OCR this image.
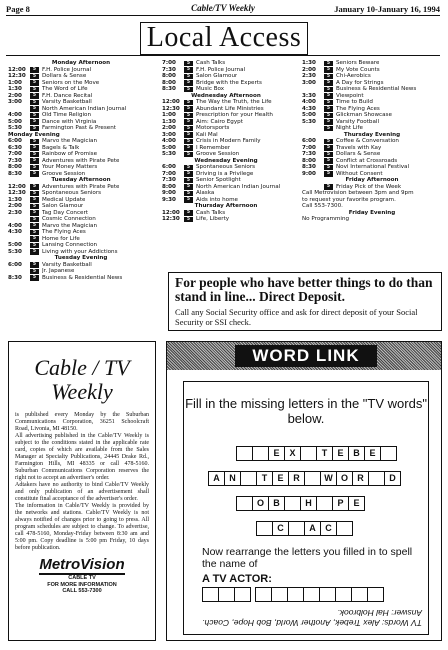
Page 8	Cable/TV Weekly	January 10-January 16, 1994
Local Access
Monday Afternoon
12:00	5	F.H. Police Journal
12:30	5	Dollars & Sense
1:00	5	Seniors on the Move
1:30	5	The Word of Life
2:00	5	F.H. Dance Recital
3:00	5	Varsity Basketball
5	North American Indian Journal
4:00	5	Old Time Religion
5:00	5	Dance with Virginia
5:30	5	Farmington Past & Present
Monday Evening
6:00	5	Marvo the Magician
6:30	5	Bagels & Talk
7:00	5	Rainbow of Promise
7:30	5	Adventures with Pirate Pete
8:00	5	Your Money Matters
8:30	5	Groove Session
Tuesday Afternoon
12:00	5	Adventures with Pirate Pete
12:30	5	Spontaneous Seniors
1:30	5	Medical Update
2:00	5	Salon Glamour
2:30	5	Tag Day Concert
5	Cosmic Connection
4:00	5	Marvo the Magician
4:30	5	The Flying Aces
5	Home for Life
5:00	5	Lansing Connection
5:30	5	Living with your Addictions
Tuesday Evening
6:00	5	Varsity Basketball
5	Jr. Japanese
8:30	5	Business & Residential News
7:00	5	Cash Talks
7:30	5	F.H. Police Journal
8:00	5	Salon Glamour
8:00	5	Bridge with the Experts
8:30	5	Music Box
Wednesday Afternoon
12:00	5	The Way the Truth, the Life
12:30	5	Abundant Life Ministries
1:00	5	Prescription for your Health
1:30	5	Aim: Cairo Egypt
2:00	5	Motorsports
3:00	5	Kali Mal
4:00	5	Crisis in Modern Family
5:00	5	I Remember
5:30	5	Groove Session
Wednesday Evening
6:00	5	Spontaneous Seniors
7:00	5	Driving is a Privilege
7:30	5	Senior Spotlight
8:00	5	North American Indian Journal
9:00	5	Alaska
9:30	5	Aids into home
Thursday Afternoon
12:00	5	Cash Talks
12:30	5	Life, Liberty
1:30	5	Seniors Beware
2:00	5	My Vote Counts
2:30	5	Chi-Aerobics
3:00	5	A Day for Strings
5	Business & Residential News
3:30	5	Viewpoint
4:00	5	Time to Build
4:30	5	The Flying Aces
5:00	5	Glickman Showcase
5:30	5	Varsity Football
5	Night Life
Thursday Evening
6:00	5	Coffee & Conversation
7:00	5	Travels with Kay
7:30	5	Dollars & Sense
8:00	5	Conflict at Crossroads
8:30	5	Novi International Festival
9:00	5	Without Consent
Friday Afternoon
5	Friday Pick of the Week
Call Metrovision between 3pm and 9pm
to request your favorite program.
Call 553-7300.
Friday Evening
No Programming
For people who have better things to do than stand in line... Direct Deposit.
Call any Social Security office and ask for direct deposit of your Social Security or SSI check.
Cable / TV
Weekly

is published every Monday by the Suburban Communications Corporation, 36251 Schoolcraft Road, Livonia, MI 48150.

All advertising published in the Cable/TV Weekly is subject to the conditions stated in the applicable rate card, copies of which are available from the Sales Manager at Specialty Publications, 24445 Drake Rd., Farmington Hills, MI 48335 or call 478-5160. Suburban Communications Corporation reserves the right not to accept an advertiser's order.

Adtakers have no authority to bind Cable/TV Weekly and only publication of an advertisement shall constitute final acceptance of the advertiser's order.

The information in Cable/TV Weekly is provided by the networks and stations. Cable/TV Weekly is not always notified of changes prior to going to press. All program schedules are subject to change. To advertise, call 478-5160, Monday-Friday between 8:30 am and 5:00 pm. Copy deadline is 5:00 pm Friday, 10 days before publication.

MetroVision
CABLE TV
FOR MORE INFORMATION
CALL 553-7300
WORD LINK
Fill in the missing letters in the "TV words" below.
E	X	T	E	B	E
A	N	T	E	R	W O	R	D
O	B	H	P	E
C	A	C
Now rearrange the letters you filled in to spell the name of
A TV ACTOR:
TV Words: Alex Trebek, Another World, Bob Hope, Coach. Answer: Hal Holbrook.
